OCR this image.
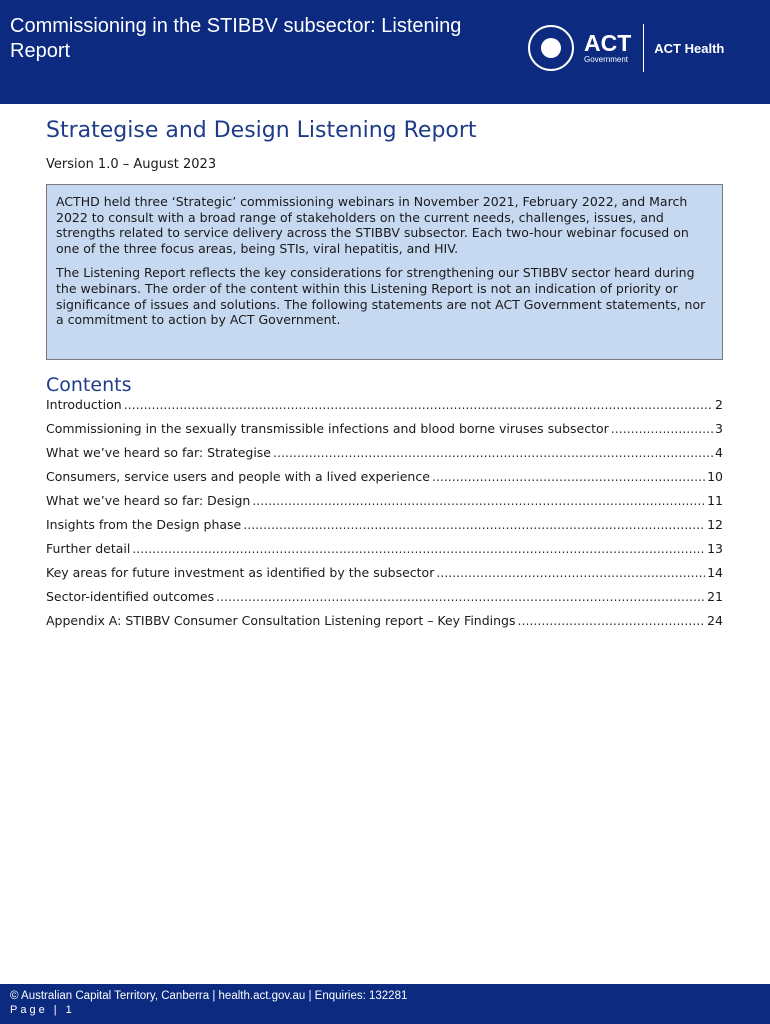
Commissioning in the STIBBV subsector: Listening Report	ACT
Government
ACT Health
Strategise and Design Listening Report
Version 1.0 – August 2023

ACTHD held three ‘Strategic’ commissioning webinars in November 2021, February 2022, and March 2022 to consult with a broad range of stakeholders on the current needs, challenges, issues, and strengths related to service delivery across the STIBBV subsector. Each two-hour webinar focused on one of the three focus areas, being STIs, viral hepatitis, and HIV.

The Listening Report reflects the key considerations for strengthening our STIBBV sector heard during the webinars. The order of the content within this Listening Report is not an indication of priority or significance of issues and solutions. The following statements are not ACT Government statements, nor a commitment to action by ACT Government.

Contents
Introduction .....	2
Commissioning in the sexually transmissible infections and blood borne viruses subsector .....	3
What we’ve heard so far: Strategise .....	4
Consumers, service users and people with a lived experience .....	10
What we’ve heard so far: Design .....	11
Insights from the Design phase .....	12
Further detail .....	13
Key areas for future investment as identified by the subsector .....	14
Sector-identified outcomes .....	21
Appendix A: STIBBV Consumer Consultation Listening report – Key Findings .....	24
© Australian Capital Territory, Canberra | health.act.gov.au | Enquiries: 132281
Page | 1
